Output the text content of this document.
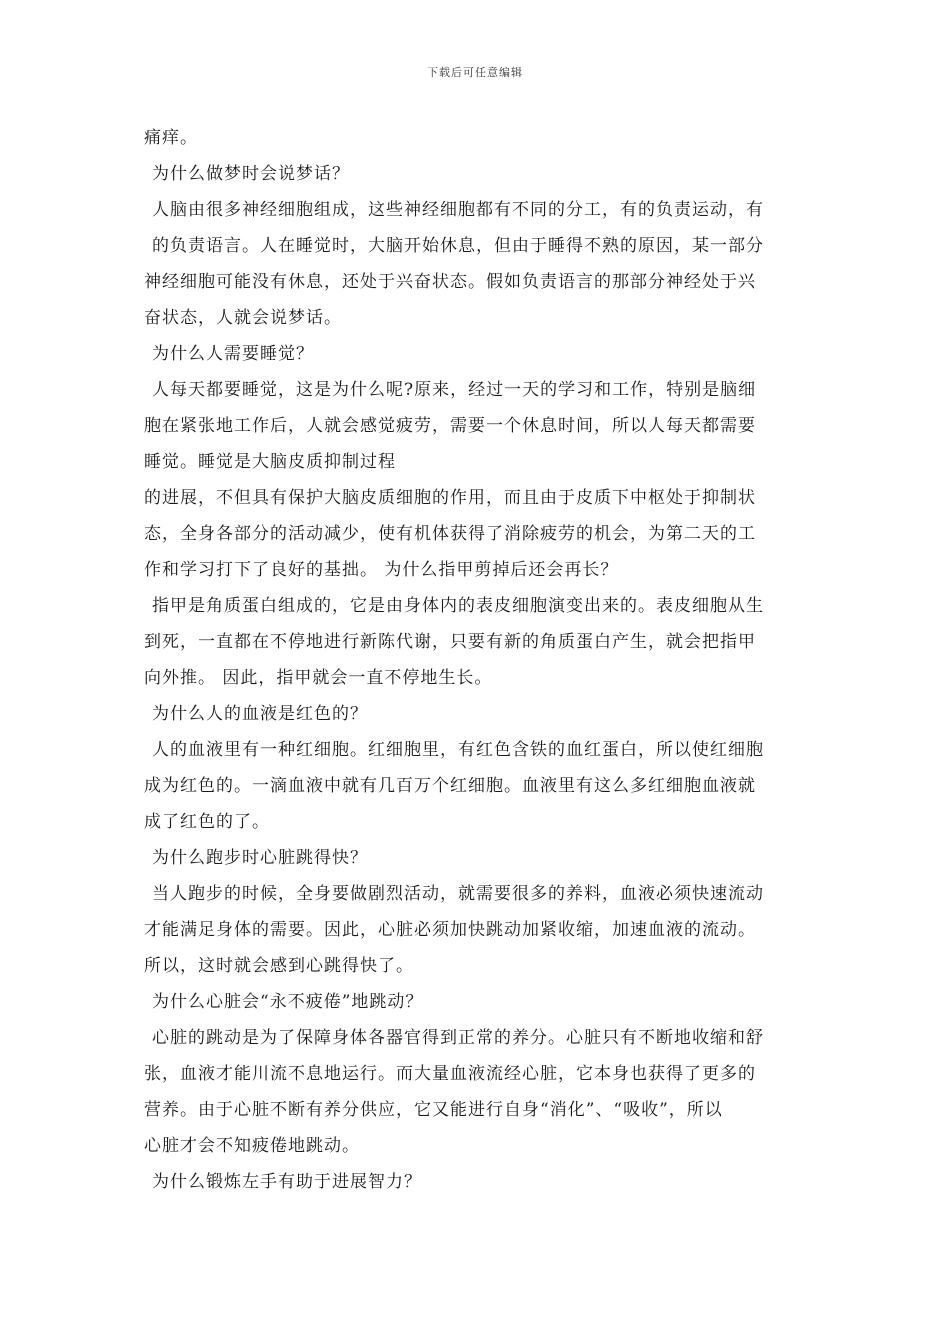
下载后可任意编辑

痛痒。

为什么做梦时会说梦话？

人脑由很多神经细胞组成，这些神经细胞都有不同的分工，有的负责运动，有

的负责语言。人在睡觉时，大脑开始休息，但由于睡得不熟的原因，某一部分

神经细胞可能没有休息，还处于兴奋状态。假如负责语言的那部分神经处于兴

奋状态，人就会说梦话。

为什么人需要睡觉？

人每天都要睡觉，这是为什么呢?原来，经过一天的学习和工作，特别是脑细

胞在紧张地工作后，人就会感觉疲劳，需要一个休息时间，所以人每天都需要

睡觉。睡觉是大脑皮质抑制过程

的进展，不但具有保护大脑皮质细胞的作用，而且由于皮质下中枢处于抑制状

态，全身各部分的活动减少，使有机体获得了消除疲劳的机会，为第二天的工

作和学习打下了良好的基拙。 为什么指甲剪掉后还会再长？

指甲是角质蛋白组成的，它是由身体内的表皮细胞演变出来的。表皮细胞从生

到死，一直都在不停地进行新陈代谢，只要有新的角质蛋白产生，就会把指甲

向外推。 因此，指甲就会一直不停地生长。

为什么人的血液是红色的？

人的血液里有一种红细胞。红细胞里，有红色含铁的血红蛋白，所以使红细胞

成为红色的。一滴血液中就有几百万个红细胞。血液里有这么多红细胞血液就

成了红色的了。

为什么跑步时心脏跳得快？

当人跑步的时候，全身要做剧烈活动，就需要很多的养料，血液必须快速流动

才能满足身体的需要。因此，心脏必须加快跳动加紧收缩，加速血液的流动。

所以，这时就会感到心跳得快了。

为什么心脏会“永不疲倦”地跳动？

心脏的跳动是为了保障身体各器官得到正常的养分。心脏只有不断地收缩和舒

张，血液才能川流不息地运行。而大量血液流经心脏，它本身也获得了更多的

营养。由于心脏不断有养分供应，它又能进行自身“消化”、“吸收”，所以

心脏才会不知疲倦地跳动。

为什么锻炼左手有助于进展智力？
